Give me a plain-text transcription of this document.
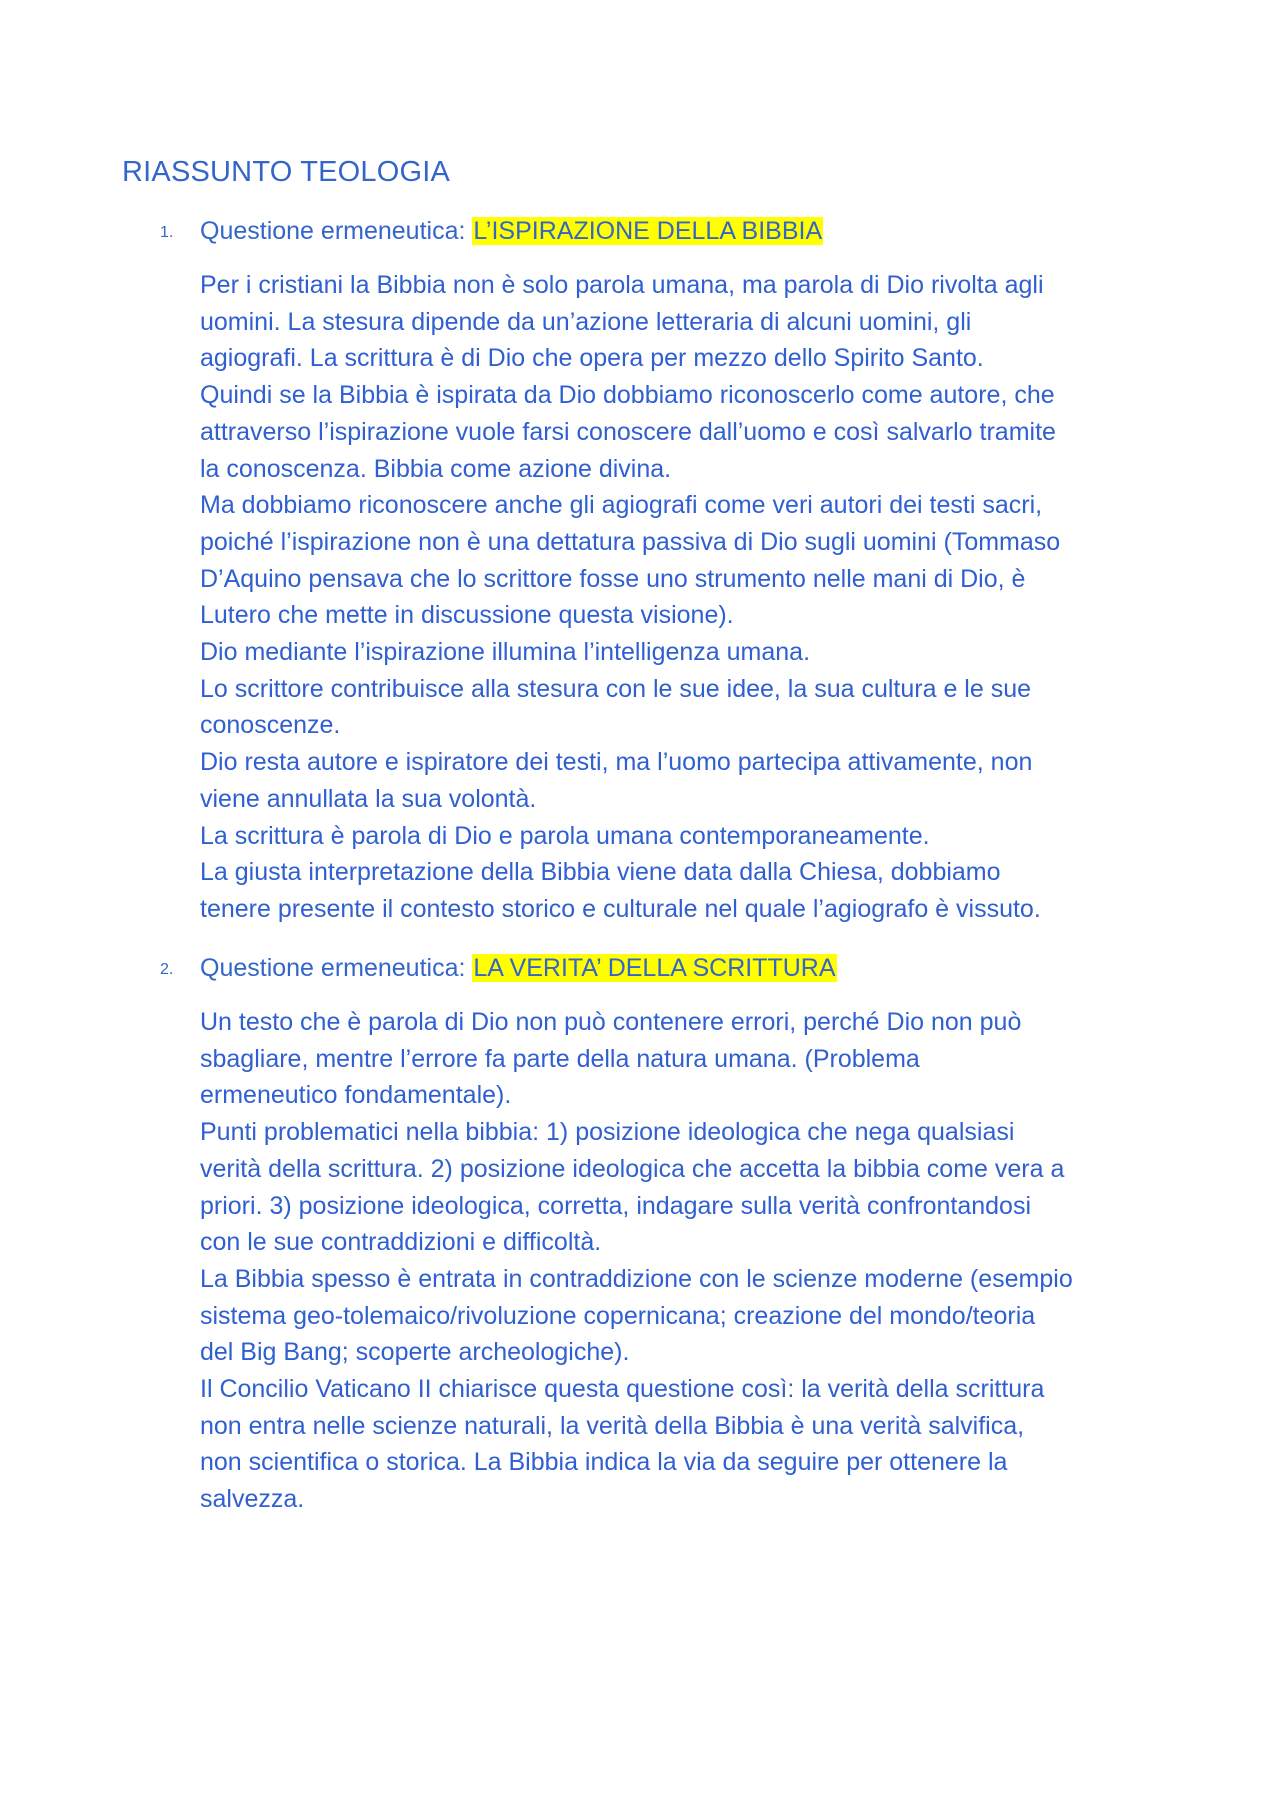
RIASSUNTO TEOLOGIA
1. Questione ermeneutica: L’ISPIRAZIONE DELLA BIBBIA

Per i cristiani la Bibbia non è solo parola umana, ma parola di Dio rivolta agli
uomini. La stesura dipende da un’azione letteraria di alcuni uomini, gli
agiografi. La scrittura è di Dio che opera per mezzo dello Spirito Santo.

Quindi se la Bibbia è ispirata da Dio dobbiamo riconoscerlo come autore, che
attraverso l’ispirazione vuole farsi conoscere dall’uomo e così salvarlo tramite
la conoscenza. Bibbia come azione divina.

Ma dobbiamo riconoscere anche gli agiografi come veri autori dei testi sacri,
poiché l’ispirazione non è una dettatura passiva di Dio sugli uomini (Tommaso
D’Aquino pensava che lo scrittore fosse uno strumento nelle mani di Dio, è
Lutero che mette in discussione questa visione).

Dio mediante l’ispirazione illumina l’intelligenza umana.

Lo scrittore contribuisce alla stesura con le sue idee, la sua cultura e le sue
conoscenze.

Dio resta autore e ispiratore dei testi, ma l’uomo partecipa attivamente, non
viene annullata la sua volontà.

La scrittura è parola di Dio e parola umana contemporaneamente.

La giusta interpretazione della Bibbia viene data dalla Chiesa, dobbiamo
tenere presente il contesto storico e culturale nel quale l’agiografo è vissuto.

2. Questione ermeneutica: LA VERITA’ DELLA SCRITTURA

Un testo che è parola di Dio non può contenere errori, perché Dio non può
sbagliare, mentre l’errore fa parte della natura umana. (Problema
ermeneutico fondamentale).

Punti problematici nella bibbia: 1) posizione ideologica che nega qualsiasi
verità della scrittura. 2) posizione ideologica che accetta la bibbia come vera a
priori. 3) posizione ideologica, corretta, indagare sulla verità confrontandosi
con le sue contraddizioni e difficoltà.

La Bibbia spesso è entrata in contraddizione con le scienze moderne (esempio
sistema geo-tolemaico/rivoluzione copernicana; creazione del mondo/teoria
del Big Bang; scoperte archeologiche).

Il Concilio Vaticano II chiarisce questa questione così: la verità della scrittura
non entra nelle scienze naturali, la verità della Bibbia è una verità salvifica,
non scientifica o storica. La Bibbia indica la via da seguire per ottenere la
salvezza.
